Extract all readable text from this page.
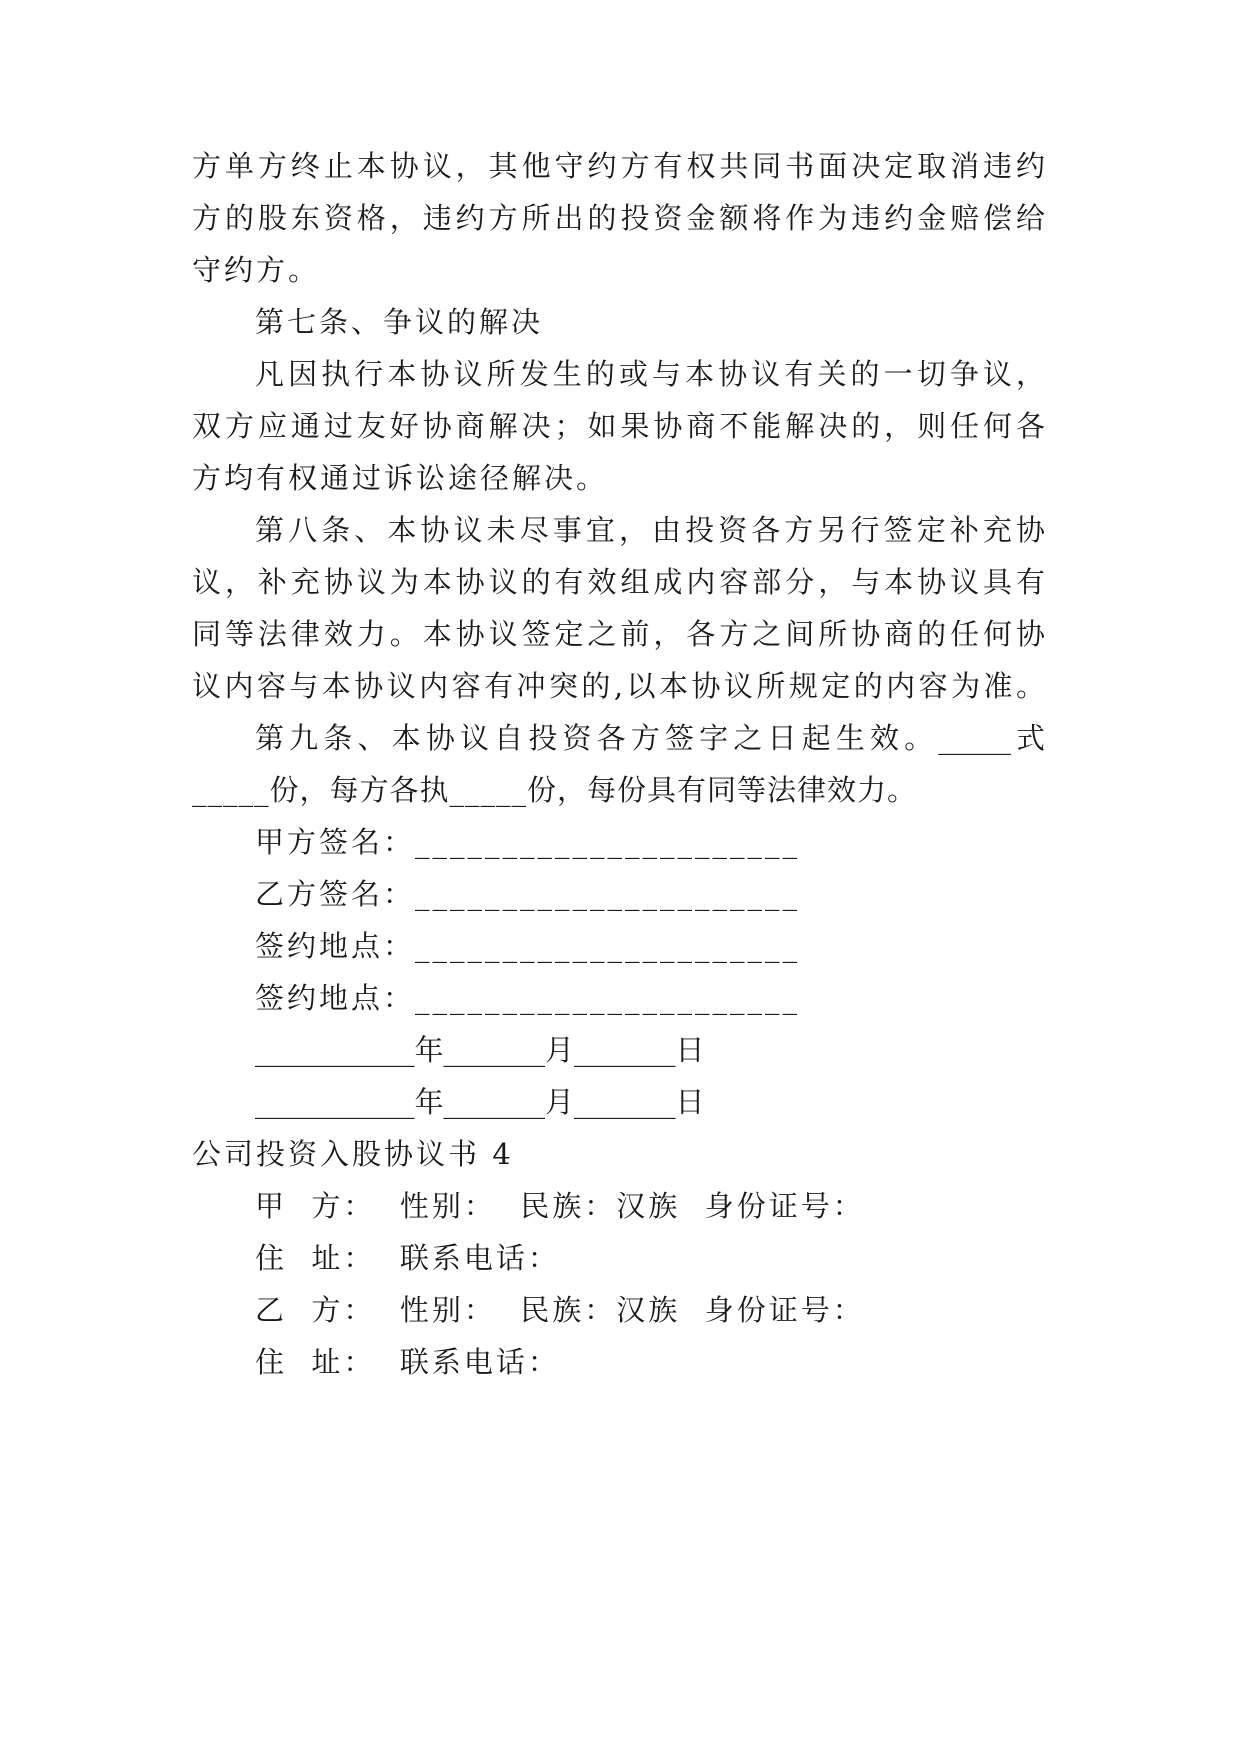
方单方终止本协议，其他守约方有权共同书面决定取消违约
方的股东资格，违约方所出的投资金额将作为违约金赔偿给
守约方。
第七条、争议的解决
凡因执行本协议所发生的或与本协议有关的一切争议，
双方应通过友好协商解决；如果协商不能解决的，则任何各
方均有权通过诉讼途径解决。
第八条、本协议未尽事宜，由投资各方另行签定补充协
议，补充协议为本协议的有效组成内容部分，与本协议具有
同等法律效力。本协议签定之前，各方之间所协商的任何协
议内容与本协议内容有冲突的,以本协议所规定的内容为准。
第九条、本协议自投资各方签字之日起生效。_____式
_____份，每方各执_____份，每份具有同等法律效力。
甲方签名：______________________
乙方签名：______________________
签约地点：______________________
签约地点：______________________
___________年_______月_______日
___________年_______月_______日
公司投资入股协议书 4
甲  方：  性别：  民族：汉族  身份证号：
住  址：  联系电话：
乙  方：  性别：  民族：汉族  身份证号：
住  址：  联系电话：
